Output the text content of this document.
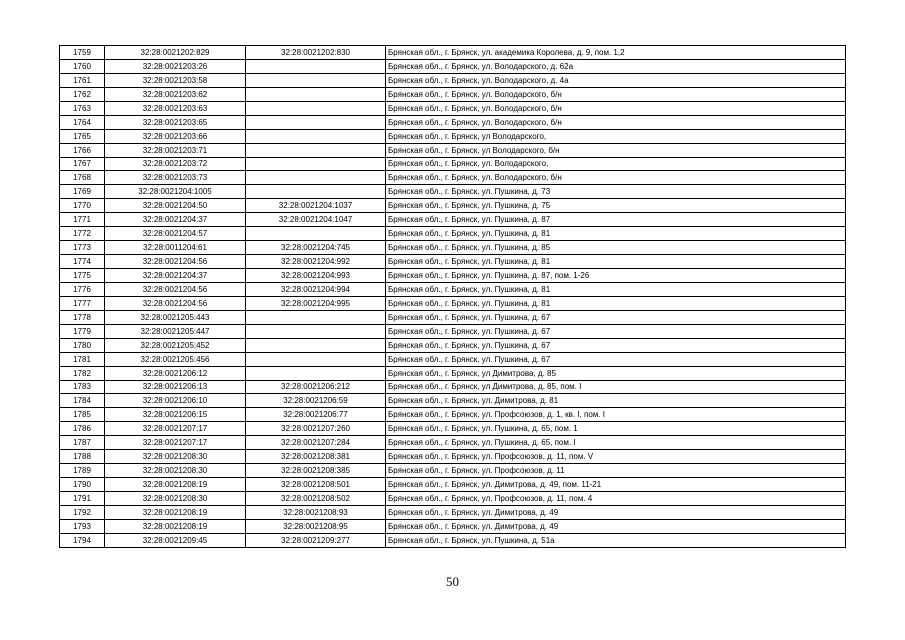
1759	32:28:0021202:829	32:28:0021202:830	Брянская обл., г. Брянск, ул. академика Королева, д. 9, пом. 1,2
1760	32:28:0021203:26		Брянская обл., г. Брянск, ул. Володарского, д. 62а
1761	32:28:0021203:58		Брянская обл., г. Брянск, ул. Володарского, д. 4а
1762	32:28:0021203:62		Брянская обл., г. Брянск, ул. Володарского, б/н
1763	32:28:0021203:63		Брянская обл., г. Брянск, ул. Володарского, б/н
1764	32:28:0021203:65		Брянская обл., г. Брянск, ул. Володарского, б/н
1765	32:28:0021203:66		Брянская обл., г. Брянск, ул Володарского,
1766	32:28:0021203:71		Брянская обл., г. Брянск, ул Володарского, б/н
1767	32:28:0021203:72		Брянская обл., г. Брянск, ул. Володарского,
1768	32:28:0021203:73		Брянская обл., г. Брянск, ул. Володарского, б/н
1769	32:28:0021204:1005		Брянская обл., г. Брянск, ул. Пушкина, д. 73
1770	32:28:0021204:50	32:28:0021204:1037	Брянская обл., г. Брянск, ул. Пушкина, д. 75
1771	32:28:0021204:37	32:28:0021204:1047	Брянская обл., г. Брянск, ул. Пушкина, д. 87
1772	32:28:0021204:57		Брянская обл., г. Брянск, ул. Пушкина, д. 81
1773	32:28:0011204:61	32:28:0021204:745	Брянская обл., г. Брянск, ул. Пушкина, д. 85
1774	32:28:0021204:56	32:28:0021204:992	Брянская обл., г. Брянск, ул. Пушкина, д. 81
1775	32:28:0021204:37	32:28:0021204:993	Брянская обл., г. Брянск, ул. Пушкина, д. 87, пом. 1-26
1776	32:28:0021204:56	32:28:0021204:994	Брянская обл., г. Брянск, ул. Пушкина, д. 81
1777	32:28:0021204:56	32:28:0021204:995	Брянская обл., г. Брянск, ул. Пушкина, д. 81
1778	32:28:0021205:443		Брянская обл., г. Брянск, ул. Пушкина, д. 67
1779	32:28:0021205:447		Брянская обл., г. Брянск, ул. Пушкина, д. 67
1780	32:28:0021205:452		Брянская обл., г. Брянск, ул. Пушкина, д. 67
1781	32:28:0021205:456		Брянская обл., г. Брянск, ул. Пушкина, д. 67
1782	32:28:0021206:12		Брянская обл., г. Брянск, ул Димитрова, д. 85
1783	32:28:0021206:13	32:28:0021206:212	Брянская обл., г. Брянск, ул Димитрова, д. 85, пом. I
1784	32:28:0021206:10	32:28:0021206:59	Брянская обл., г. Брянск, ул. Димитрова, д. 81
1785	32:28:0021206:15	32:28:0021206:77	Брянская обл., г. Брянск, ул. Профсоюзов, д. 1, кв. I, пом. I
1786	32:28:0021207:17	32:28:0021207:260	Брянская обл., г. Брянск, ул. Пушкина, д. 65, пом. 1
1787	32:28:0021207:17	32:28:0021207:284	Брянская обл., г. Брянск, ул. Пушкина, д. 65, пом. I
1788	32:28:0021208:30	32:28:0021208:381	Брянская обл., г. Брянск, ул. Профсоюзов, д. 11, пом. V
1789	32:28:0021208:30	32:28:0021208:385	Брянская обл., г. Брянск, ул. Профсоюзов, д. 11
1790	32:28:0021208:19	32:28:0021208:501	Брянская обл., г. Брянск, ул. Димитрова, д. 49, пом. 11-21
1791	32:28:0021208:30	32:28:0021208:502	Брянская обл., г. Брянск, ул. Профсоюзов, д. 11, пом. 4
1792	32:28:0021208:19	32:28:0021208:93	Брянская обл., г. Брянск, ул. Димитрова, д. 49
1793	32:28:0021208:19	32:28:0021208:95	Брянская обл., г. Брянск, ул. Димитрова, д. 49
1794	32:28:0021209:45	32:28:0021209:277	Брянская обл., г. Брянск, ул. Пушкина, д. 51а
50
